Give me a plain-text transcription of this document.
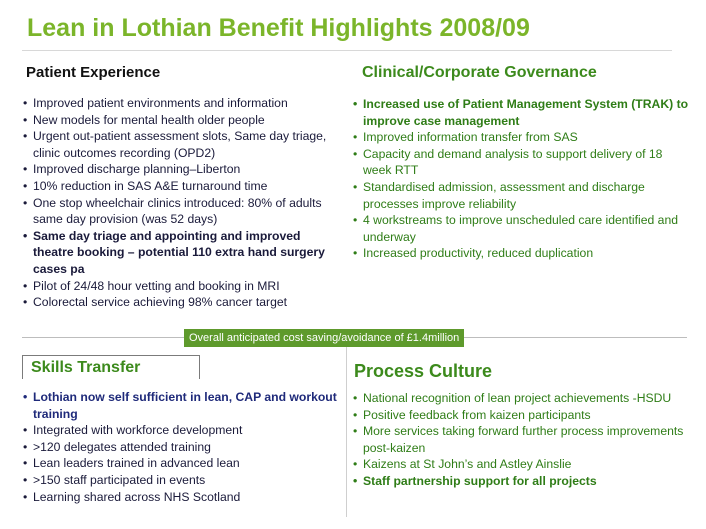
Lean in Lothian Benefit Highlights 2008/09
Patient Experience
• Improved patient environments and information
• New models for mental health older people
• Urgent out-patient assessment slots, Same day triage, clinic outcomes recording (OPD2)
• Improved discharge planning–Liberton
• 10% reduction in SAS A&E turnaround time
• One stop wheelchair clinics introduced: 80% of adults same day provision (was 52 days)
• Same day triage and appointing and improved theatre booking – potential 110 extra hand surgery cases pa
• Pilot of 24/48 hour vetting and booking in MRI
• Colorectal service achieving 98% cancer target
Clinical/Corporate Governance
• Increased use of Patient Management System (TRAK) to improve case management
• Improved information transfer from SAS
• Capacity and demand analysis to support delivery of 18 week RTT
• Standardised admission, assessment and discharge processes improve reliability
• 4 workstreams to improve unscheduled care identified and underway
• Increased productivity, reduced duplication
Overall anticipated cost saving/avoidance of £1.4million
Skills Transfer
• Lothian now self sufficient in lean, CAP and workout training
• Integrated with workforce development
• >120 delegates attended training
• Lean leaders trained in advanced lean
• >150 staff participated in events
• Learning shared across NHS Scotland
Process Culture
• National recognition of lean project achievements -HSDU
• Positive feedback from kaizen participants
• More services taking forward further process improvements post-kaizen
• Kaizens at St John’s and Astley Ainslie
• Staff partnership support for all projects
